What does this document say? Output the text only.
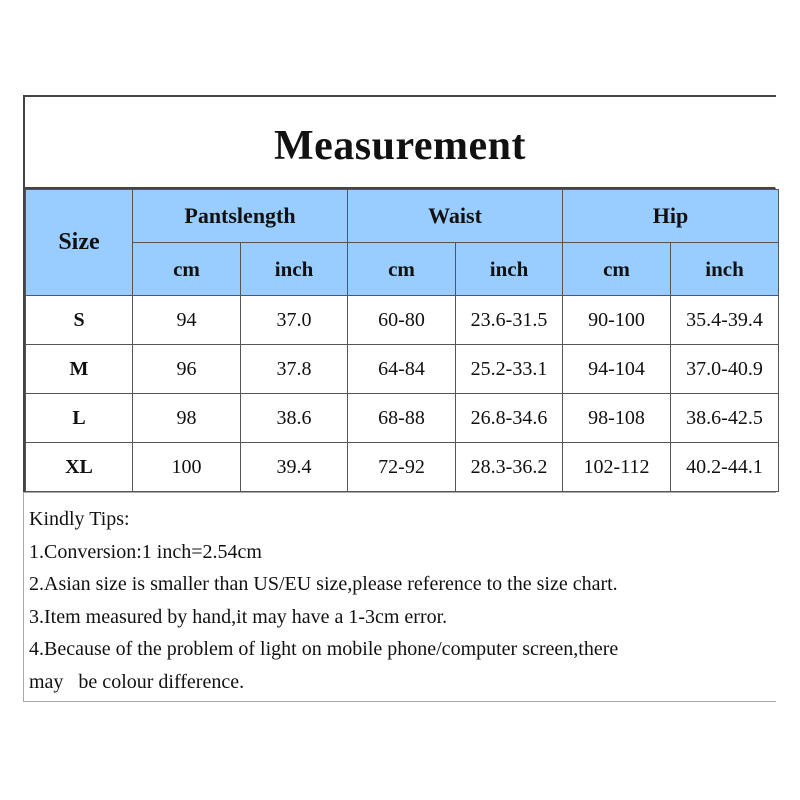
Measurement
Size	Pantslength		Waist		Hip	
	cm	inch	cm	inch	cm	inch
S	94	37.0	60-80	23.6-31.5	90-100	35.4-39.4
M	96	37.8	64-84	25.2-33.1	94-104	37.0-40.9
L	98	38.6	68-88	26.8-34.6	98-108	38.6-42.5
XL	100	39.4	72-92	28.3-36.2	102-112	40.2-44.1
Kindly Tips:
1.Conversion:1 inch=2.54cm
2.Asian size is smaller than US/EU size,please reference to the size chart.
3.Item measured by hand,it may have a 1-3cm error.
4.Because of the problem of light on mobile phone/computer screen,there
may   be colour difference.
